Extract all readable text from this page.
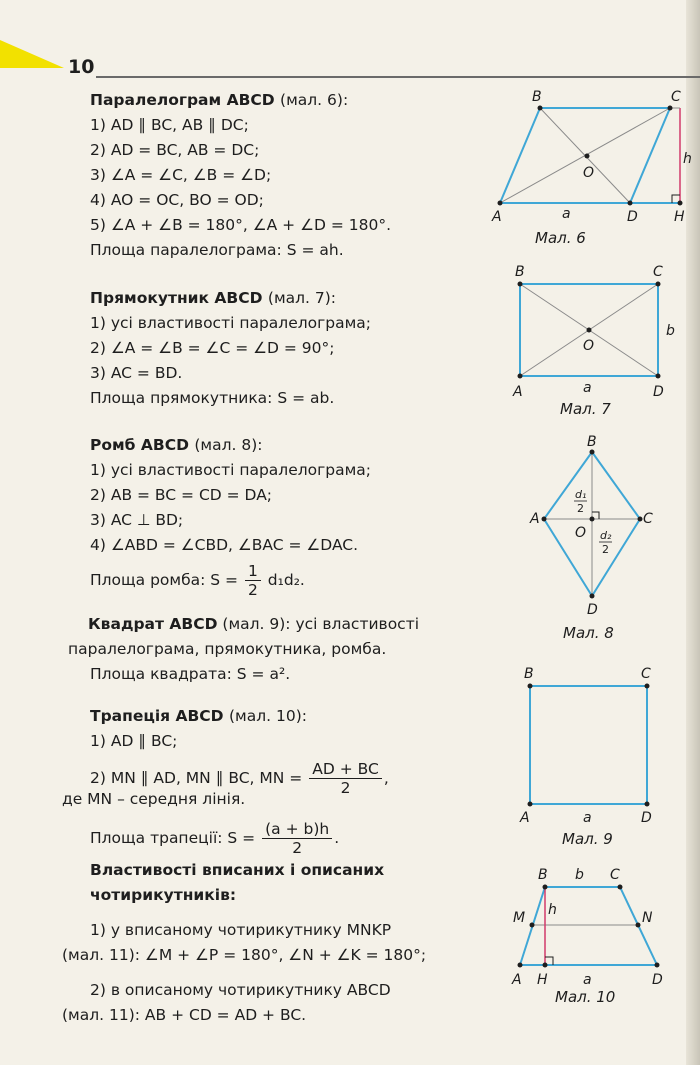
10
Паралелограм ABCD (мал. 6):
1) AD ∥ BC, AB ∥ DC;
2) AD = BC, AB = DC;
3) ∠A = ∠C, ∠B = ∠D;
4) AO = OC, BO = OD;
5) ∠A + ∠B = 180°, ∠A + ∠D = 180°.
Площа паралелограма: S = ah.
Прямокутник ABCD (мал. 7):
1) усі властивості паралелограма;
2) ∠A = ∠B = ∠C = ∠D = 90°;
3) AC = BD.
Площа прямокутника: S = ab.
Ромб ABCD (мал. 8):
1) усі властивості паралелограма;
2) AB = BC = CD = DA;
3) AC ⊥ BD;
4) ∠ABD = ∠CBD, ∠BAC = ∠DAC.
Площа ромба: $S = \frac{1}{2} d_1d_2$.
Квадрат ABCD (мал. 9): усі властивості
паралелограма, прямокутника, ромба.
Площа квадрата: S = a².
Трапеція ABCD (мал. 10):
1) AD ∥ BC;
2) MN ∥ AD, MN ∥ BC, MN = $\frac{AD + BC}{2}$ ,
де MN – середня лінія.
Площа трапеції: $S = \frac{(a + b)h}{2}$ .
Властивості вписаних і описаних
чотирикутників:
1) у вписаному чотирикутнику MNKP
(мал. 11): ∠M + ∠P = 180°, ∠N + ∠K = 180°;
2) в описаному чотирикутнику ABCD
(мал. 11): AB + CD = AD + BC.
A
B	C
D	H
O
a
h
Мал. 6
B	C
A	D
O
a
b
Мал. 7
B
C
D
A
O
d₁
2
d₂
2
Мал. 8
B	C
A	D
a
Мал. 9
B b C
M	N
h
A H	a	D
Мал. 10
